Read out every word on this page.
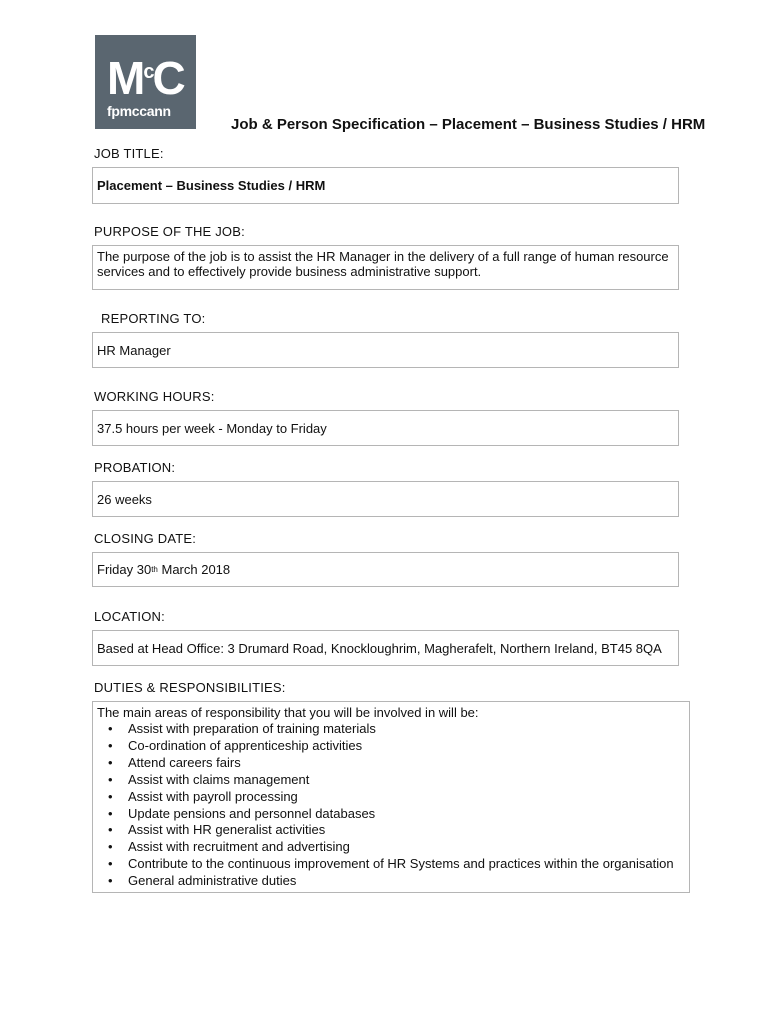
M $^c$C
fpmccann
Job & Person Specification – Placement – Business Studies / HRM
JOB TITLE:
Placement – Business Studies / HRM
PURPOSE OF THE JOB:
The purpose of the job is to assist the HR Manager in the delivery of a full range of human resource services and to effectively provide business administrative support.
REPORTING TO:
HR Manager
WORKING HOURS:
37.5 hours per week - Monday to Friday
PROBATION:
26 weeks
CLOSING DATE:
Friday 30 th March 2018
LOCATION:
Based at Head Office: 3 Drumard Road, Knockloughrim, Magherafelt, Northern Ireland, BT45 8QA
DUTIES & RESPONSIBILITIES:
The main areas of responsibility that you will be involved in will be:
• Assist with preparation of training materials
• Co-ordination of apprenticeship activities
• Attend careers fairs
• Assist with claims management
• Assist with payroll processing
• Update pensions and personnel databases
• Assist with HR generalist activities
• Assist with recruitment and advertising
• Contribute to the continuous improvement of HR Systems and practices within the organisation
• General administrative duties
